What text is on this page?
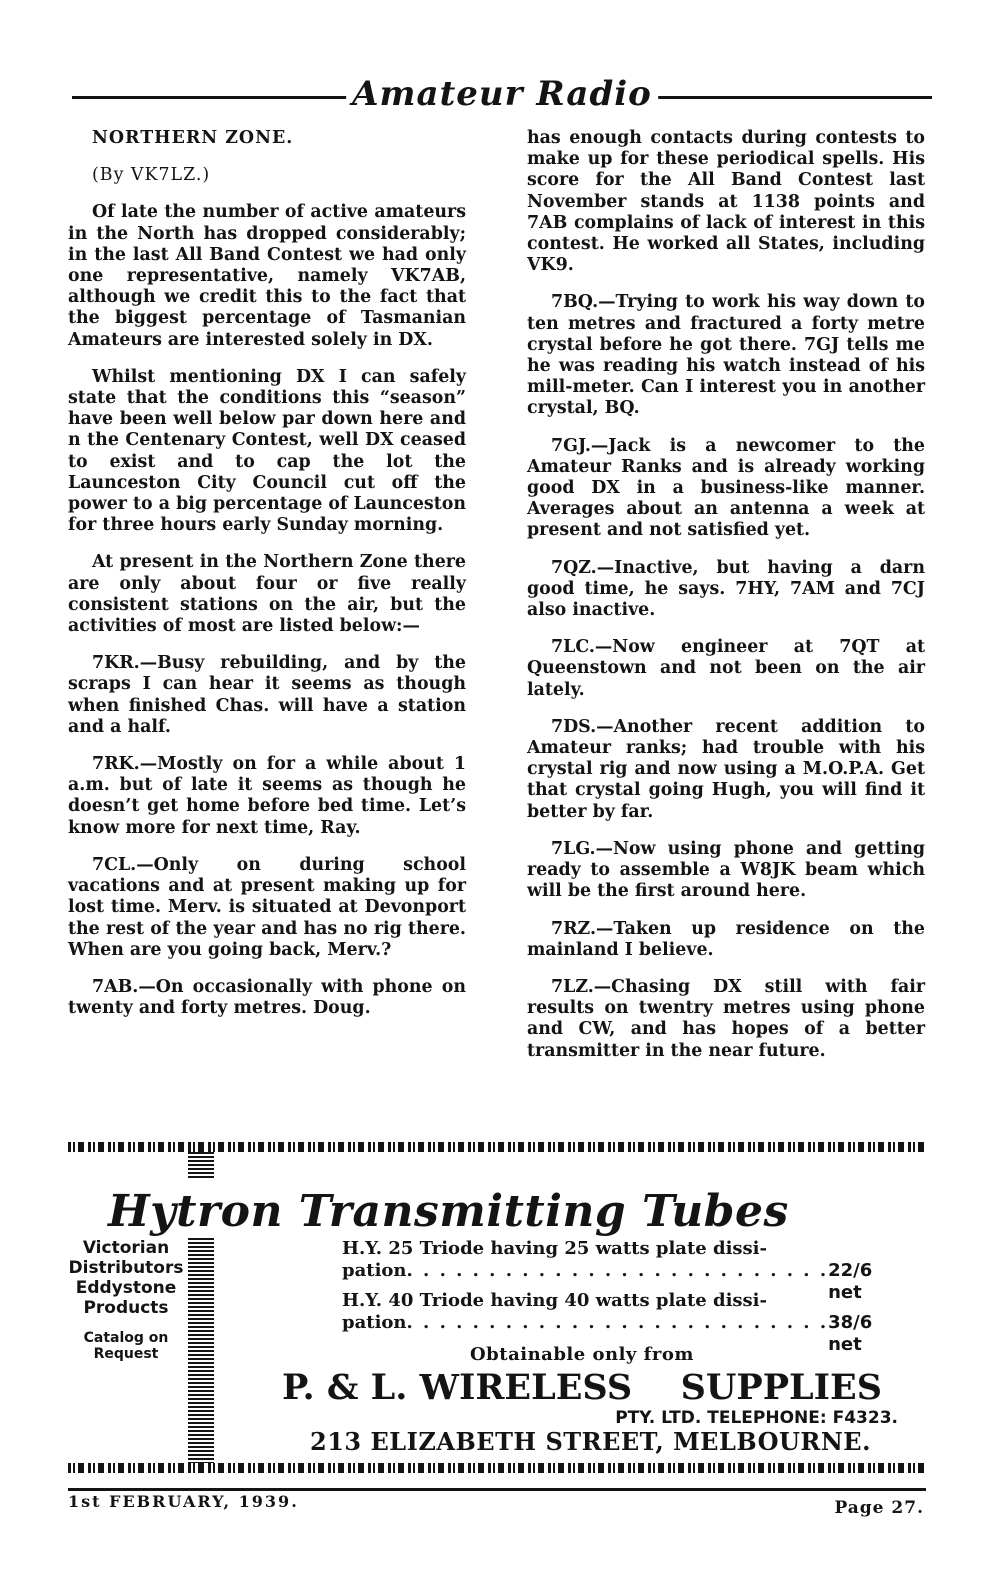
Amateur Radio

NORTHERN ZONE.

(By VK7LZ.)

Of late the number of active amateurs in the North has dropped considerably; in the last All Band Contest we had only one representative, namely VK7AB, although we credit this to the fact that the biggest percentage of Tasmanian Amateurs are interested solely in DX.

Whilst mentioning DX I can safely state that the conditions this “season” have been well below par down here and n the Centenary Contest, well DX ceased to exist and to cap the lot the Launceston City Council cut off the power to a big percentage of Launceston for three hours early Sunday morning.

At present in the Northern Zone there are only about four or five really consistent stations on the air, but the activities of most are listed below:—

7KR.—Busy rebuilding, and by the scraps I can hear it seems as though when finished Chas. will have a station and a half.

7RK.—Mostly on for a while about 1 a.m. but of late it seems as though he doesn’t get home before bed time. Let’s know more for next time, Ray.

7CL.—Only on during school vacations and at present making up for lost time. Merv. is situated at Devonport the rest of the year and has no rig there. When are you going back, Merv.?

7AB.—On occasionally with phone on twenty and forty metres. Doug.

has enough contacts during contests to make up for these periodical spells. His score for the All Band Contest last November stands at 1138 points and 7AB complains of lack of interest in this contest. He worked all States, including VK9.

7BQ.—Trying to work his way down to ten metres and fractured a forty metre crystal before he got there. 7GJ tells me he was reading his watch instead of his mill-meter. Can I interest you in another crystal, BQ.

7GJ.—Jack is a newcomer to the Amateur Ranks and is already working good DX in a business-like manner. Averages about an antenna a week at present and not satisfied yet.

7QZ.—Inactive, but having a darn good time, he says. 7HY, 7AM and 7CJ also inactive.

7LC.—Now engineer at 7QT at Queenstown and not been on the air lately.

7DS.—Another recent addition to Amateur ranks; had trouble with his crystal rig and now using a M.O.P.A. Get that crystal going Hugh, you will find it better by far.

7LG.—Now using phone and getting ready to assemble a W8JK beam which will be the first around here.

7RZ.—Taken up residence on the mainland I believe.

7LZ.—Chasing DX still with fair results on twentry metres using phone and CW, and has hopes of a better transmitter in the near future.

Hytron Transmitting Tubes
Victorian
Distributors
Eddystone
Products
Catalog on
Request
H.Y. 25 Triode having 25 watts plate dissi-
pation . . . . . . . . . . . . . . . . . . . . . . . . . . 22/6 net
H.Y. 40 Triode having 40 watts plate dissi-
pation . . . . . . . . . . . . . . . . . . . . . . . . . . 38/6 net
Obtainable only from
P. & L. WIRELESS SUPPLIES
PTY. LTD. TELEPHONE: F4323.
213 ELIZABETH STREET, MELBOURNE.
1st FEBRUARY, 1939.	Page 27.
